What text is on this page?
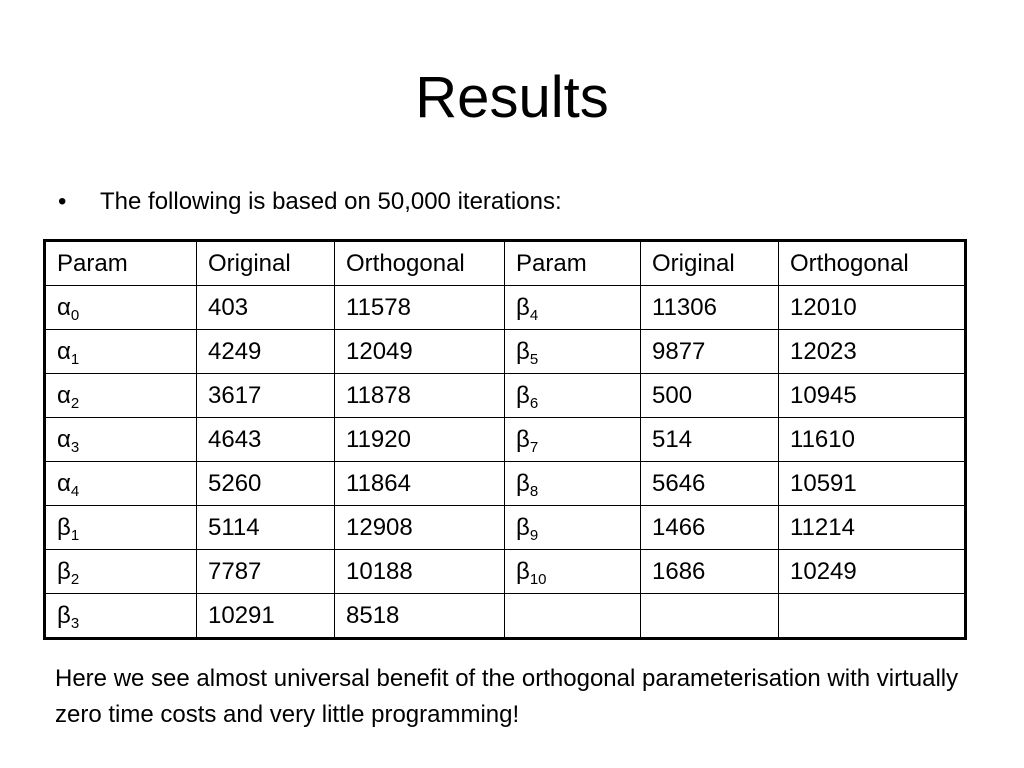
Results
• The following is based on 50,000 iterations:
Param	Original	Orthogonal	Param	Original	Orthogonal
$\alpha_0$	403	11578	$\beta_4$	11306	12010
$\alpha_1$	4249	12049	$\beta_5$	9877	12023
$\alpha_2$	3617	11878	$\beta_6$	500	10945
$\alpha_3$	4643	11920	$\beta_7$	514	11610
$\alpha_4$	5260	11864	$\beta_8$	5646	10591
$\beta_1$	5114	12908	$\beta_9$	1466	11214
$\beta_2$	7787	10188	$\beta_{10}$	1686	10249
$\beta_3$	10291	8518			
Here we see almost universal benefit of the orthogonal parameterisation with virtually zero time costs and very little programming!
